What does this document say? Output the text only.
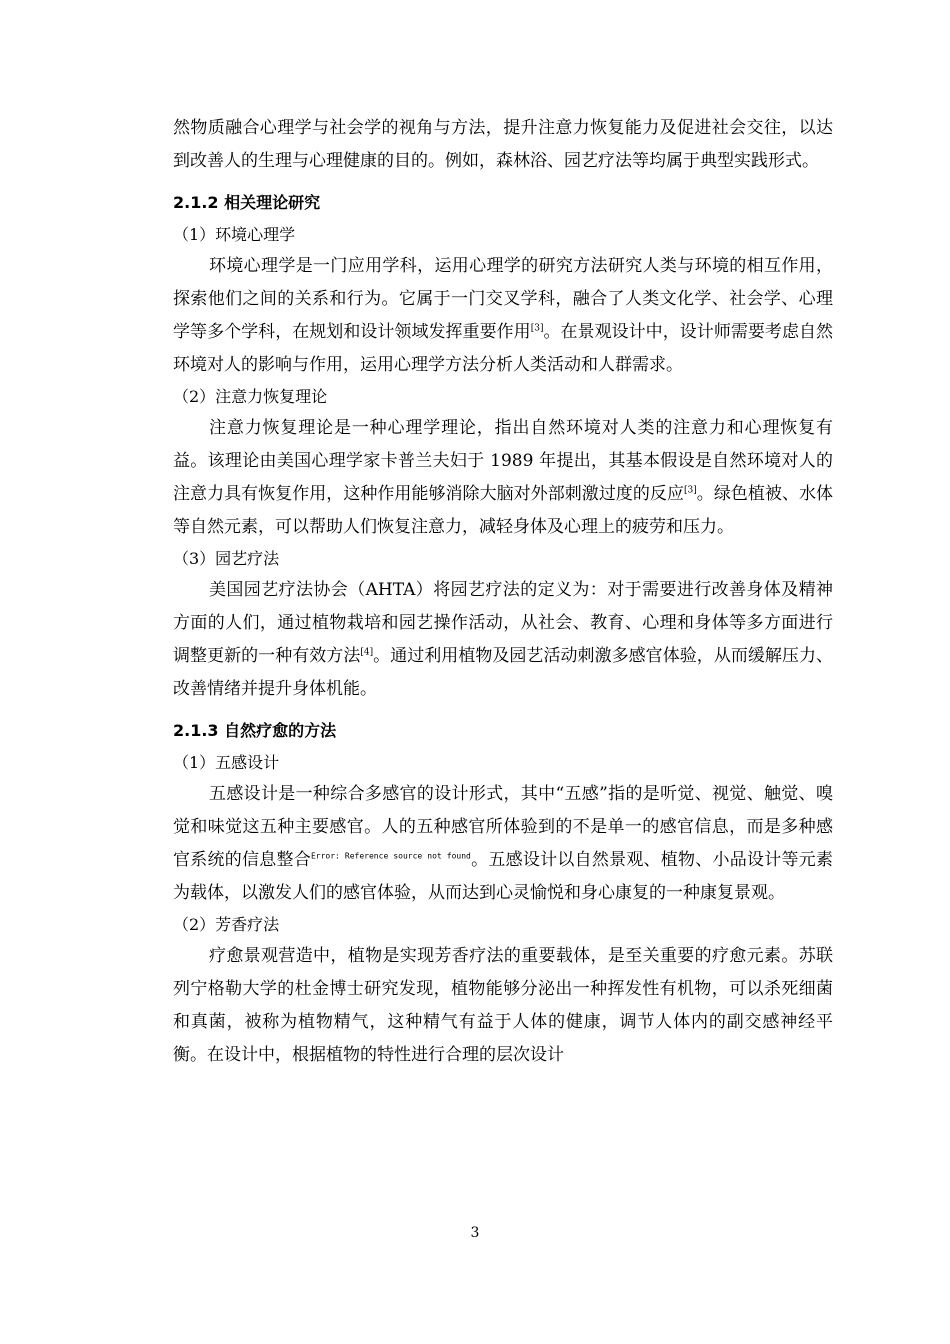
然物质融合心理学与社会学的视角与方法，提升注意力恢复能力及促进社会交往，以达到改善人的生理与心理健康的目的。例如，森林浴、园艺疗法等均属于典型实践形式。

2.1.2 相关理论研究
（1）环境心理学

环境心理学是一门应用学科，运用心理学的研究方法研究人类与环境的相互作用，探索他们之间的关系和行为。它属于一门交叉学科，融合了人类文化学、社会学、心理学等多个学科，在规划和设计领域发挥重要作用[3]。在景观设计中，设计师需要考虑自然环境对人的影响与作用，运用心理学方法分析人类活动和人群需求。

（2）注意力恢复理论

注意力恢复理论是一种心理学理论，指出自然环境对人类的注意力和心理恢复有益。该理论由美国心理学家卡普兰夫妇于 1989 年提出，其基本假设是自然环境对人的注意力具有恢复作用，这种作用能够消除大脑对外部刺激过度的反应[3]。绿色植被、水体等自然元素，可以帮助人们恢复注意力，减轻身体及心理上的疲劳和压力。

（3）园艺疗法

美国园艺疗法协会（AHTA）将园艺疗法的定义为：对于需要进行改善身体及精神方面的人们，通过植物栽培和园艺操作活动，从社会、教育、心理和身体等多方面进行调整更新的一种有效方法[4]。通过利用植物及园艺活动刺激多感官体验，从而缓解压力、改善情绪并提升身体机能。

2.1.3 自然疗愈的方法
（1）五感设计

五感设计是一种综合多感官的设计形式，其中“五感”指的是听觉、视觉、触觉、嗅觉和味觉这五种主要感官。人的五种感官所体验到的不是单一的感官信息，而是多种感官系统的信息整合$^{Error: Reference source not found}$。五感设计以自然景观、植物、小品设计等元素为载体，以激发人们的感官体验，从而达到心灵愉悦和身心康复的一种康复景观。

（2）芳香疗法

疗愈景观营造中，植物是实现芳香疗法的重要载体，是至关重要的疗愈元素。苏联列宁格勒大学的杜金博士研究发现，植物能够分泌出一种挥发性有机物，可以杀死细菌和真菌，被称为植物精气，这种精气有益于人体的健康，调节人体内的副交感神经平衡。在设计中，根据植物的特性进行合理的层次设计

3
